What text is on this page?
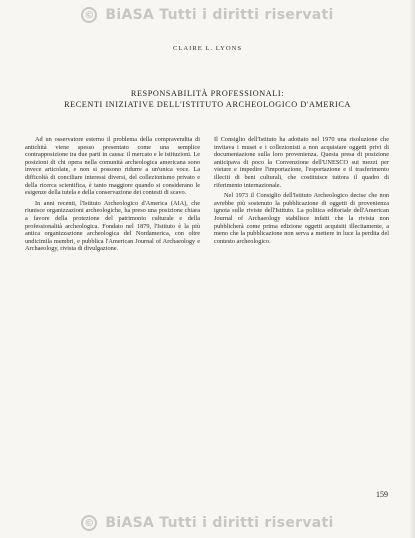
© BiASA Tutti i diritti riservati
CLAIRE L. LYONS
RESPONSABILITÀ PROFESSIONALI:
RECENTI INIZIATIVE DELL'ISTITUTO ARCHEOLOGICO D'AMERICA

Ad un osservatore esterno il problema della compravendita di antichità viene spesso presentato come una semplice contrapposizione tra due parti in causa: il mercato e le istituzioni. Le posizioni di chi opera nella comunità archeologica americana sono invece articolate, e non si possono ridurre a un'unica voce. La difficoltà di conciliare interessi diversi, del collezionismo privato e della ricerca scientifica, è tanto maggiore quando si considerano le esigenze della tutela e della conservazione dei contesti di scavo.

In anni recenti, l'Istituto Archeologico d'America (AIA), che riunisce organizzazioni archeologiche, ha preso una posizione chiara a favore della protezione del patrimonio culturale e della professionalità archeologica. Fondato nel 1879, l'Istituto è la più antica organizzazione archeologica del Nordamerica, con oltre undicimila membri, e pubblica l'American Journal of Archaeology e Archaeology, rivista di divulgazione.

Il Consiglio dell'Istituto ha adottato nel 1970 una risoluzione che invitava i musei e i collezionisti a non acquistare oggetti privi di documentazione sulla loro provenienza. Questa presa di posizione anticipava di poco la Convenzione dell'UNESCO sui mezzi per vietare e impedire l'importazione, l'esportazione e il trasferimento illeciti di beni culturali, che costituisce tuttora il quadro di riferimento internazionale.

Nel 1973 il Consiglio dell'Istituto Archeologico decise che non avrebbe più sostenuto la pubblicazione di oggetti di provenienza ignota sulle riviste dell'Istituto. La politica editoriale dell'American Journal of Archaeology stabilisce infatti che la rivista non pubblicherà come prima edizione oggetti acquisiti illecitamente, a meno che la pubblicazione non serva a mettere in luce la perdita del contesto archeologico.

159
© BiASA Tutti i diritti riservati
